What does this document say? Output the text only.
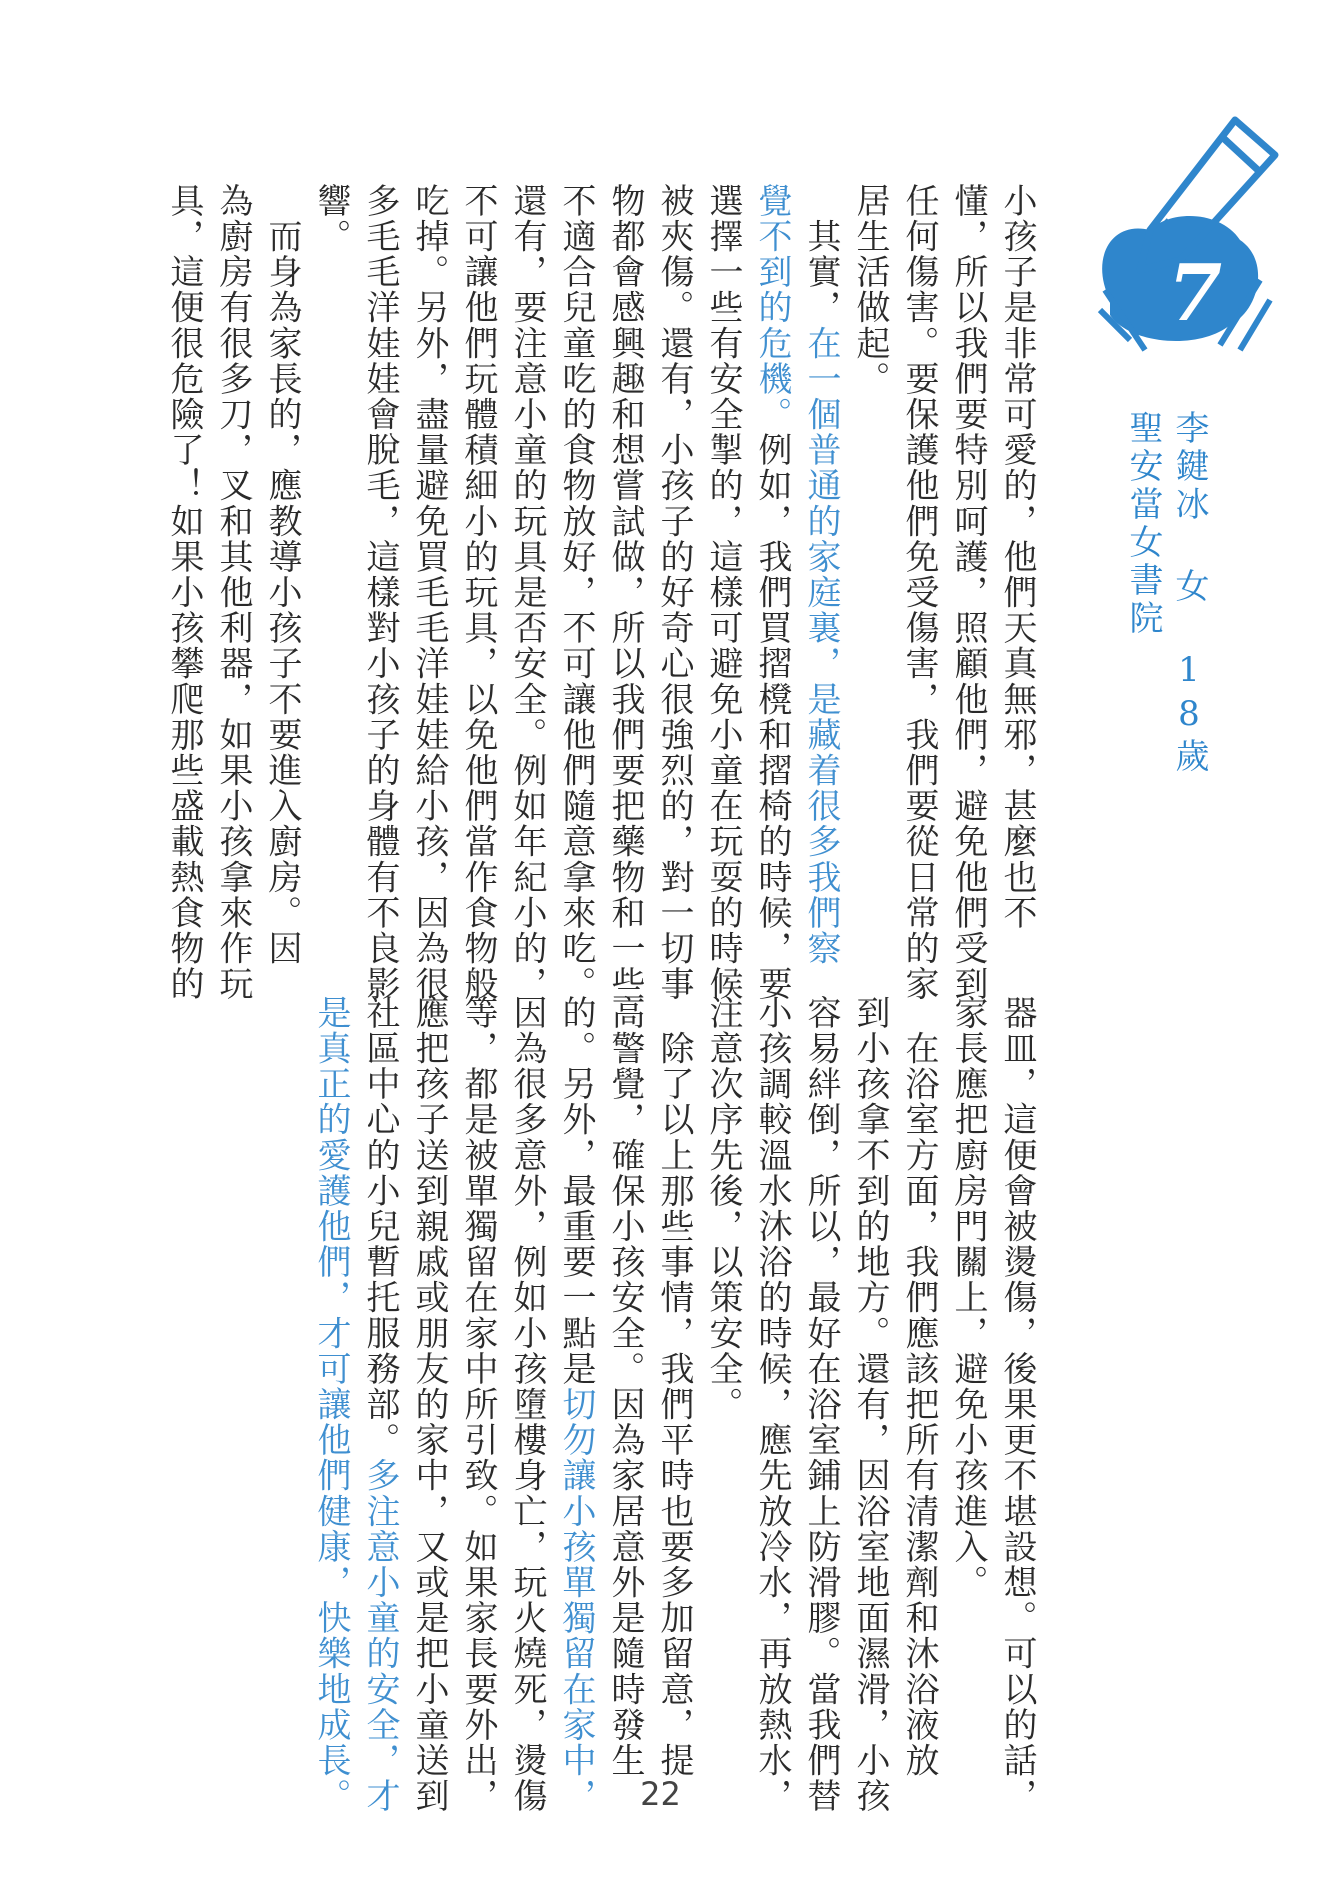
7
李鍵冰 女 18歲
聖安當女書院
小孩子是非常可愛的，他們天真無邪，甚麼也不
懂，所以我們要特別呵護，照顧他們，避免他們受到
任何傷害。要保護他們免受傷害，我們要從日常的家
居生活做起。
　其實，在一個普通的家庭裏，是藏着很多我們察
覺不到的危機。例如，我們買摺櫈和摺椅的時候，要
選擇一些有安全掣的，這樣可避免小童在玩耍的時候
被夾傷。還有，小孩子的好奇心很強烈的，對一切事
物都會感興趣和想嘗試做，所以我們要把藥物和一些
不適合兒童吃的食物放好，不可讓他們隨意拿來吃。
還有，要注意小童的玩具是否安全。例如年紀小的，
不可讓他們玩體積細小的玩具，以免他們當作食物般
吃掉。另外，盡量避免買毛毛洋娃娃給小孩，因為很
多毛毛洋娃娃會脫毛，這樣對小孩子的身體有不良影
響。
　而身為家長的，應教導小孩子不要進入廚房。因
為廚房有很多刀，叉和其他利器，如果小孩拿來作玩
具，這便很危險了！如果小孩攀爬那些盛載熱食物的
器皿，這便會被燙傷，後果更不堪設想。可以的話，
家長應把廚房門關上，避免小孩進入。
　在浴室方面，我們應該把所有清潔劑和沐浴液放
到小孩拿不到的地方。還有，因浴室地面濕滑，小孩
容易絆倒，所以，最好在浴室鋪上防滑膠。當我們替
小孩調較溫水沐浴的時候，應先放冷水，再放熱水，
注意次序先後，以策安全。
　除了以上那些事情，我們平時也要多加留意，提
高警覺，確保小孩安全。因為家居意外是隨時發生
的。另外，最重要一點是切勿讓小孩單獨留在家中，
因為很多意外，例如小孩墮樓身亡，玩火燒死，燙傷
等，都是被單獨留在家中所引致。如果家長要外出，
應把孩子送到親戚或朋友的家中，又或是把小童送到
社區中心的小兒暫托服務部。多注意小童的安全，才
是真正的愛護他們，才可讓他們健康，快樂地成長。	22
